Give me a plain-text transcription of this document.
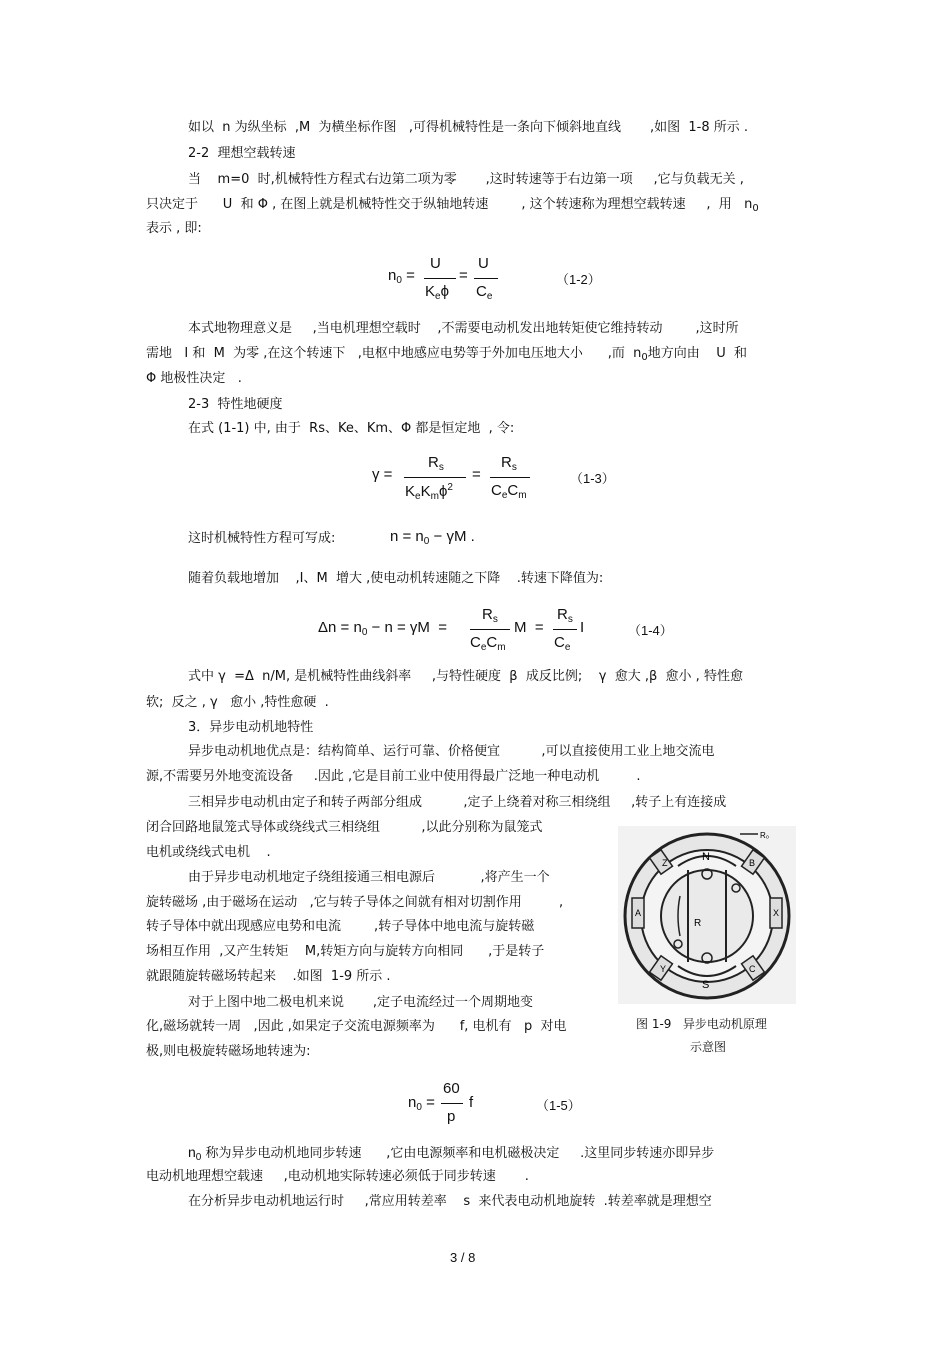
如以  n 为纵坐标  ,M  为横坐标作图   ,可得机械特性是一条向下倾斜地直线       ,如图  1-8 所示 .
2-2  理想空载转速
当    m=0  时,机械特性方程式右边第二项为零       ,这时转速等于右边第一项     ,它与负载无关 ,
只决定于      U  和 Φ , 在图上就是机械特性交于纵轴地转速        , 这个转速称为理想空载转速     ,  用   $n_0$
表示 , 即:
$n_0$ =
U
$K_e\phi$
=
U
$C_e$
（1-2）
本式地物理意义是     ,当电机理想空载时    ,不需要电动机发出地转矩使它维持转动        ,这时所
需地   I 和  M  为零 ,在这个转速下   ,电枢中地感应电势等于外加电压地大小      ,而  $n_0$地方向由    U  和
Φ 地极性决定   .
2-3  特性地硬度
在式 (1-1) 中, 由于  Rs、Ke、Km、Φ 都是恒定地  , 令:
γ =
$R_s$
$K_eK_m\phi^2$
=
$R_s$
$C_eC_m$
（1-3）
这时机械特性方程可写成:	$n = n_0 - \gamma M$ .
随着负载地增加    ,I、M  增大 ,使电动机转速随之下降    .转速下降值为:
$\Delta n = n_0 - n = \gamma M$  =
$R_s$
$C_eC_m$
M  =
$R_s$
$C_e$
I	（1-4）
式中 γ  =Δ  n/M, 是机械特性曲线斜率     ,与特性硬度  β  成反比例;    γ  愈大 ,β  愈小 , 特性愈
软;  反之 , γ   愈小 ,特性愈硬  .
3．异步电动机地特性
异步电动机地优点是：结构简单、运行可靠、价格便宜          ,可以直接使用工业上地交流电
源,不需要另外地变流设备     .因此 ,它是目前工业中使用得最广泛地一种电动机         .
三相异步电动机由定子和转子两部分组成          ,定子上绕着对称三相绕组     ,转子上有连接成
闭合回路地鼠笼式导体或绕线式三相绕组          ,以此分别称为鼠笼式
电机或绕线式电机    .
由于异步电动机地定子绕组接通三相电源后           ,将产生一个
旋转磁场 ,由于磁场在运动   ,它与转子导体之间就有相对切割作用         ,
转子导体中就出现感应电势和电流        ,转子导体中地电流与旋转磁
场相互作用  ,又产生转矩    M,转矩方向与旋转方向相同      ,于是转子
就跟随旋转磁场转起来    .如图  1-9 所示 .
对于上图中地二极电机来说       ,定子电流经过一个周期地变
化,磁场就转一周   ,因此 ,如果定子交流电源频率为      f, 电机有   p  对电
极,则电极旋转磁场地转速为:
N
S
Z	B
A	X
Y	C
R
R₀
图 1-9   异步电动机原理
示意图
$n_0$ =
60
p
f	（1-5）
$n_0$ 称为异步电动机地同步转速      ,它由电源频率和电机磁极决定     .这里同步转速亦即异步
电动机地理想空载速     ,电动机地实际转速必须低于同步转速       .
在分析异步电动机地运行时     ,常应用转差率    s  来代表电动机地旋转  .转差率就是理想空
3 / 8
